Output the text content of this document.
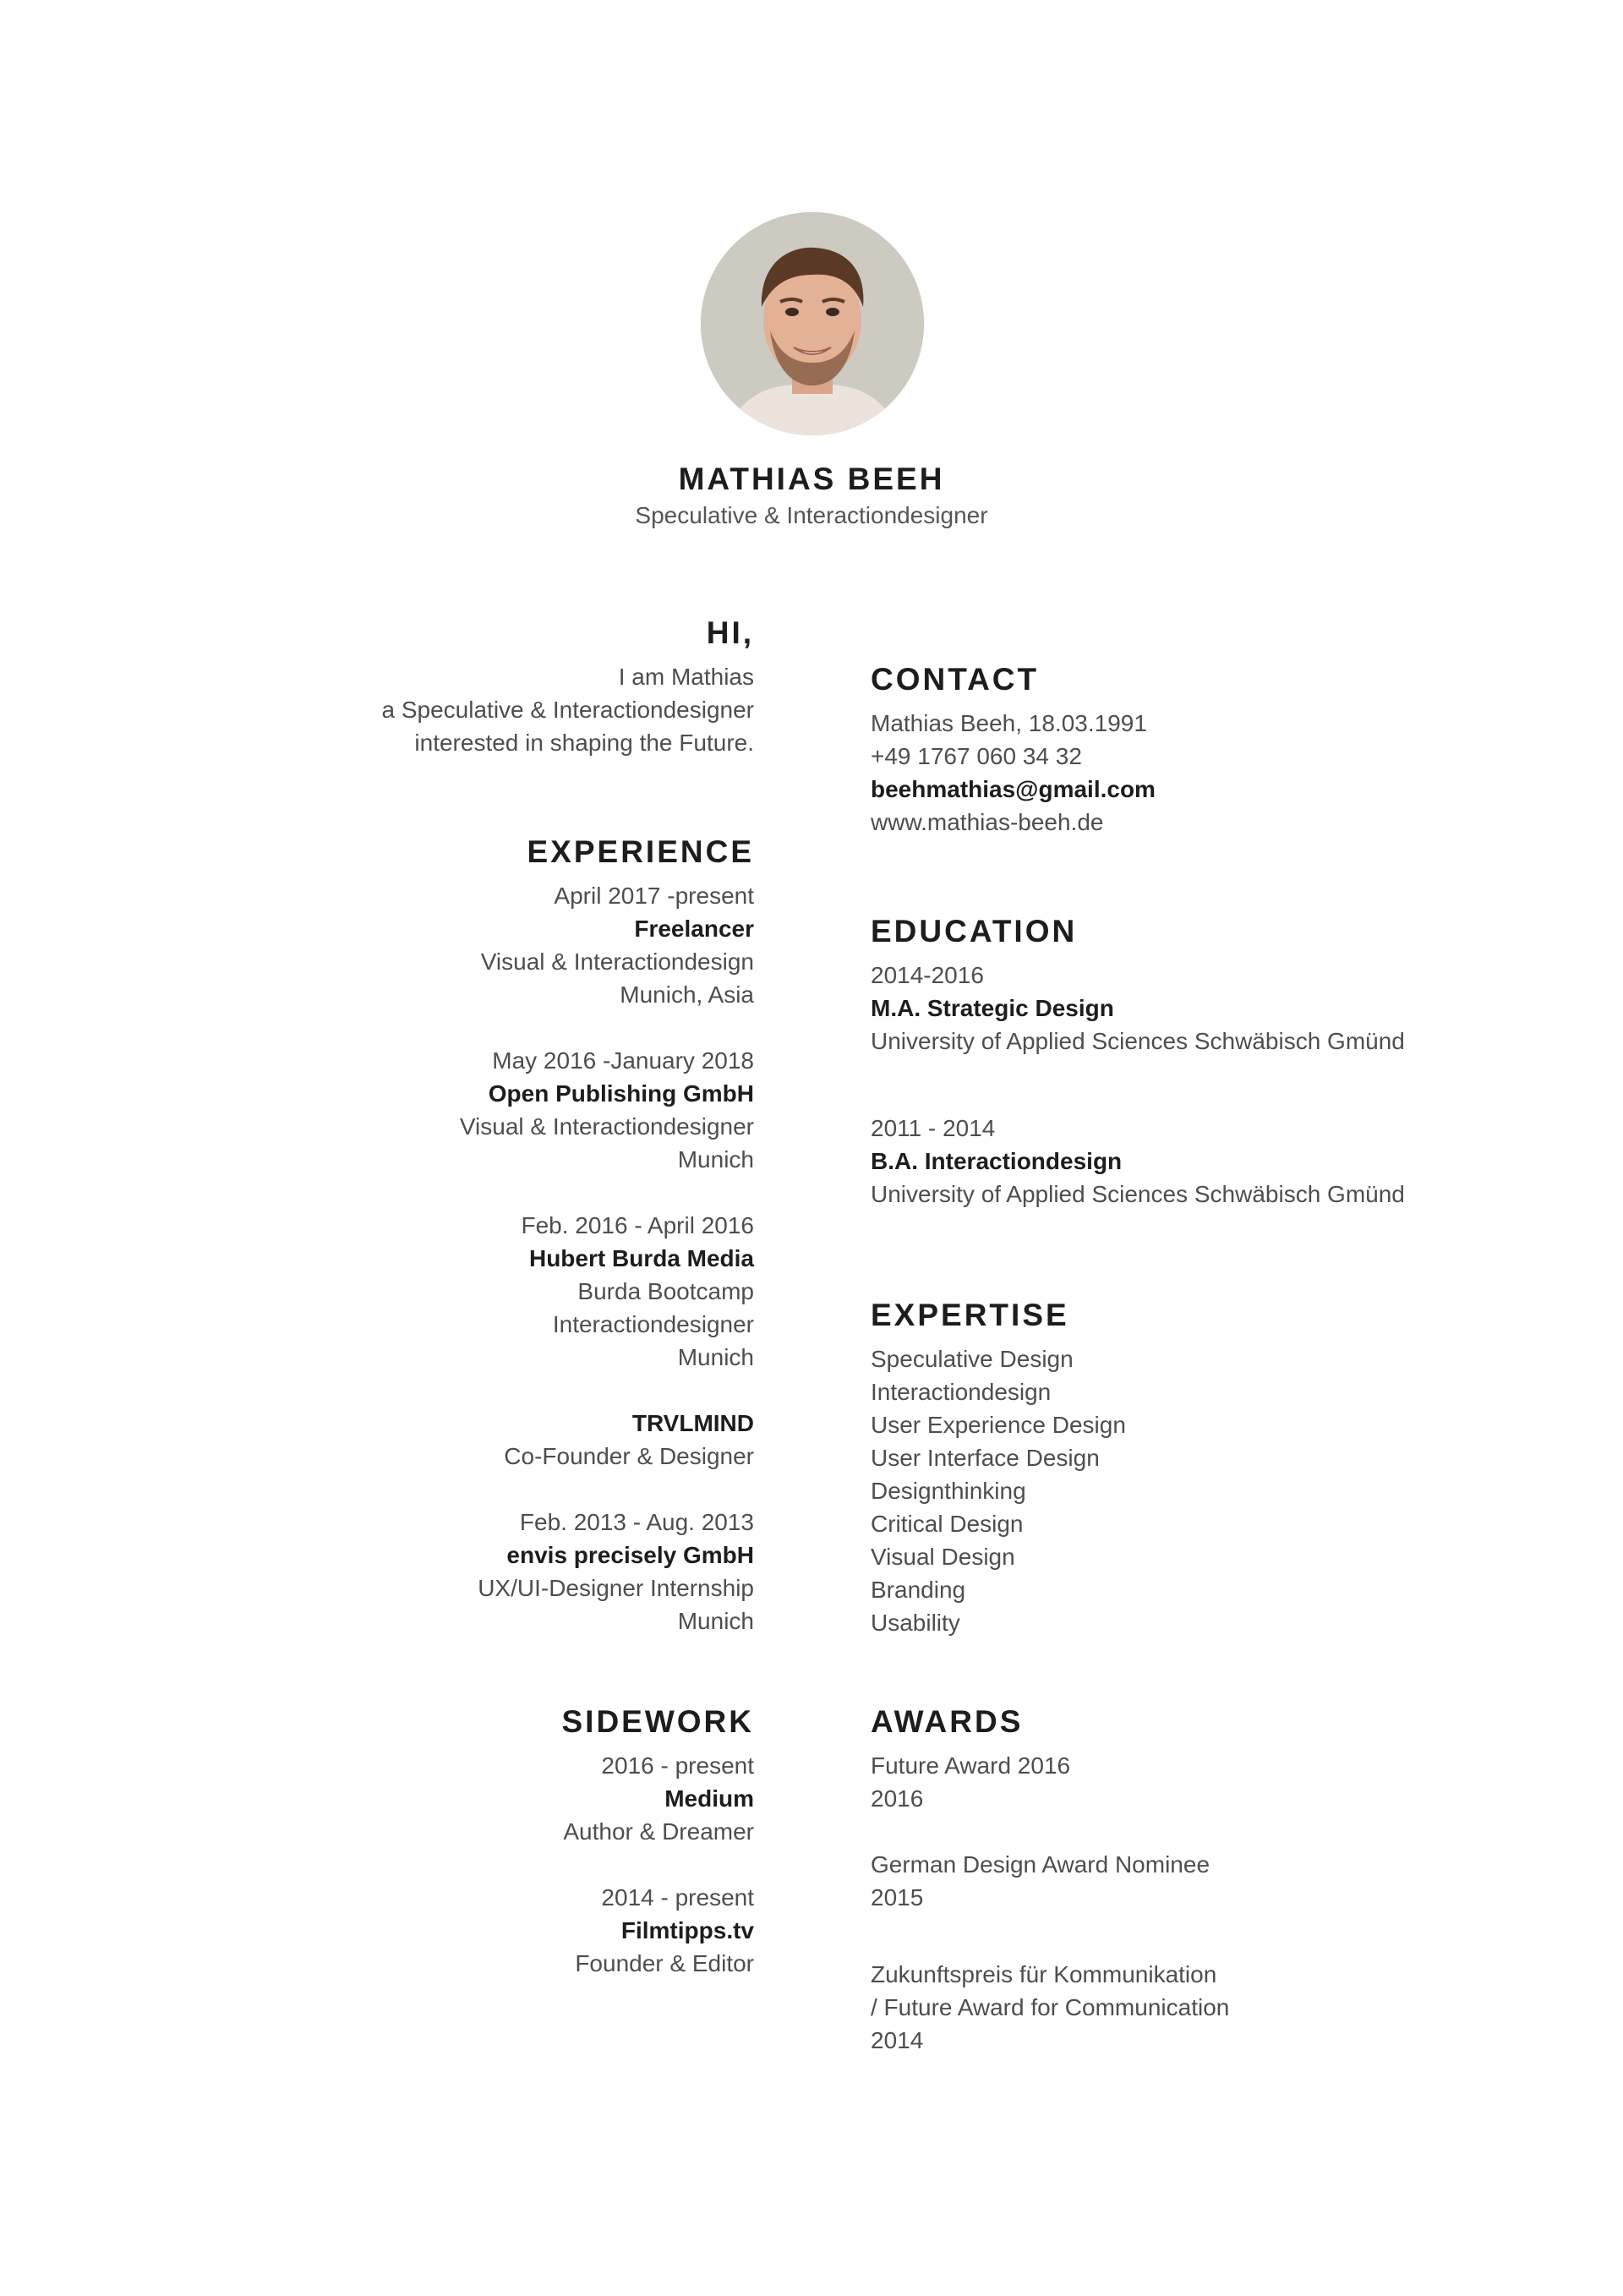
MATHIAS BEEH
Speculative & Interactiondesigner
HI,
I am Mathias
a Speculative & Interactiondesigner
interested in shaping the Future.
EXPERIENCE
April 2017 -present
Freelancer
Visual & Interactiondesign
Munich, Asia
May 2016 -January 2018
Open Publishing GmbH
Visual & Interactiondesigner
Munich
Feb. 2016 - April 2016
Hubert Burda Media
Burda Bootcamp
Interactiondesigner
Munich
TRVLMIND
Co-Founder & Designer
Feb. 2013 - Aug. 2013
envis precisely GmbH
UX/UI-Designer Internship
Munich
SIDEWORK
2016 - present
Medium
Author & Dreamer
2014 - present
Filmtipps.tv
Founder & Editor
CONTACT
Mathias Beeh, 18.03.1991
+49 1767 060 34 32
beehmathias@gmail.com
www.mathias-beeh.de
EDUCATION
2014-2016
M.A. Strategic Design
University of Applied Sciences Schwäbisch Gmünd
2011 - 2014
B.A. Interactiondesign
University of Applied Sciences Schwäbisch Gmünd
EXPERTISE
Speculative Design
Interactiondesign
User Experience Design
User Interface Design
Designthinking
Critical Design
Visual Design
Branding
Usability
AWARDS
Future Award 2016
2016
German Design Award Nominee
2015
Zukunftspreis für Kommunikation
/ Future Award for Communication
2014
